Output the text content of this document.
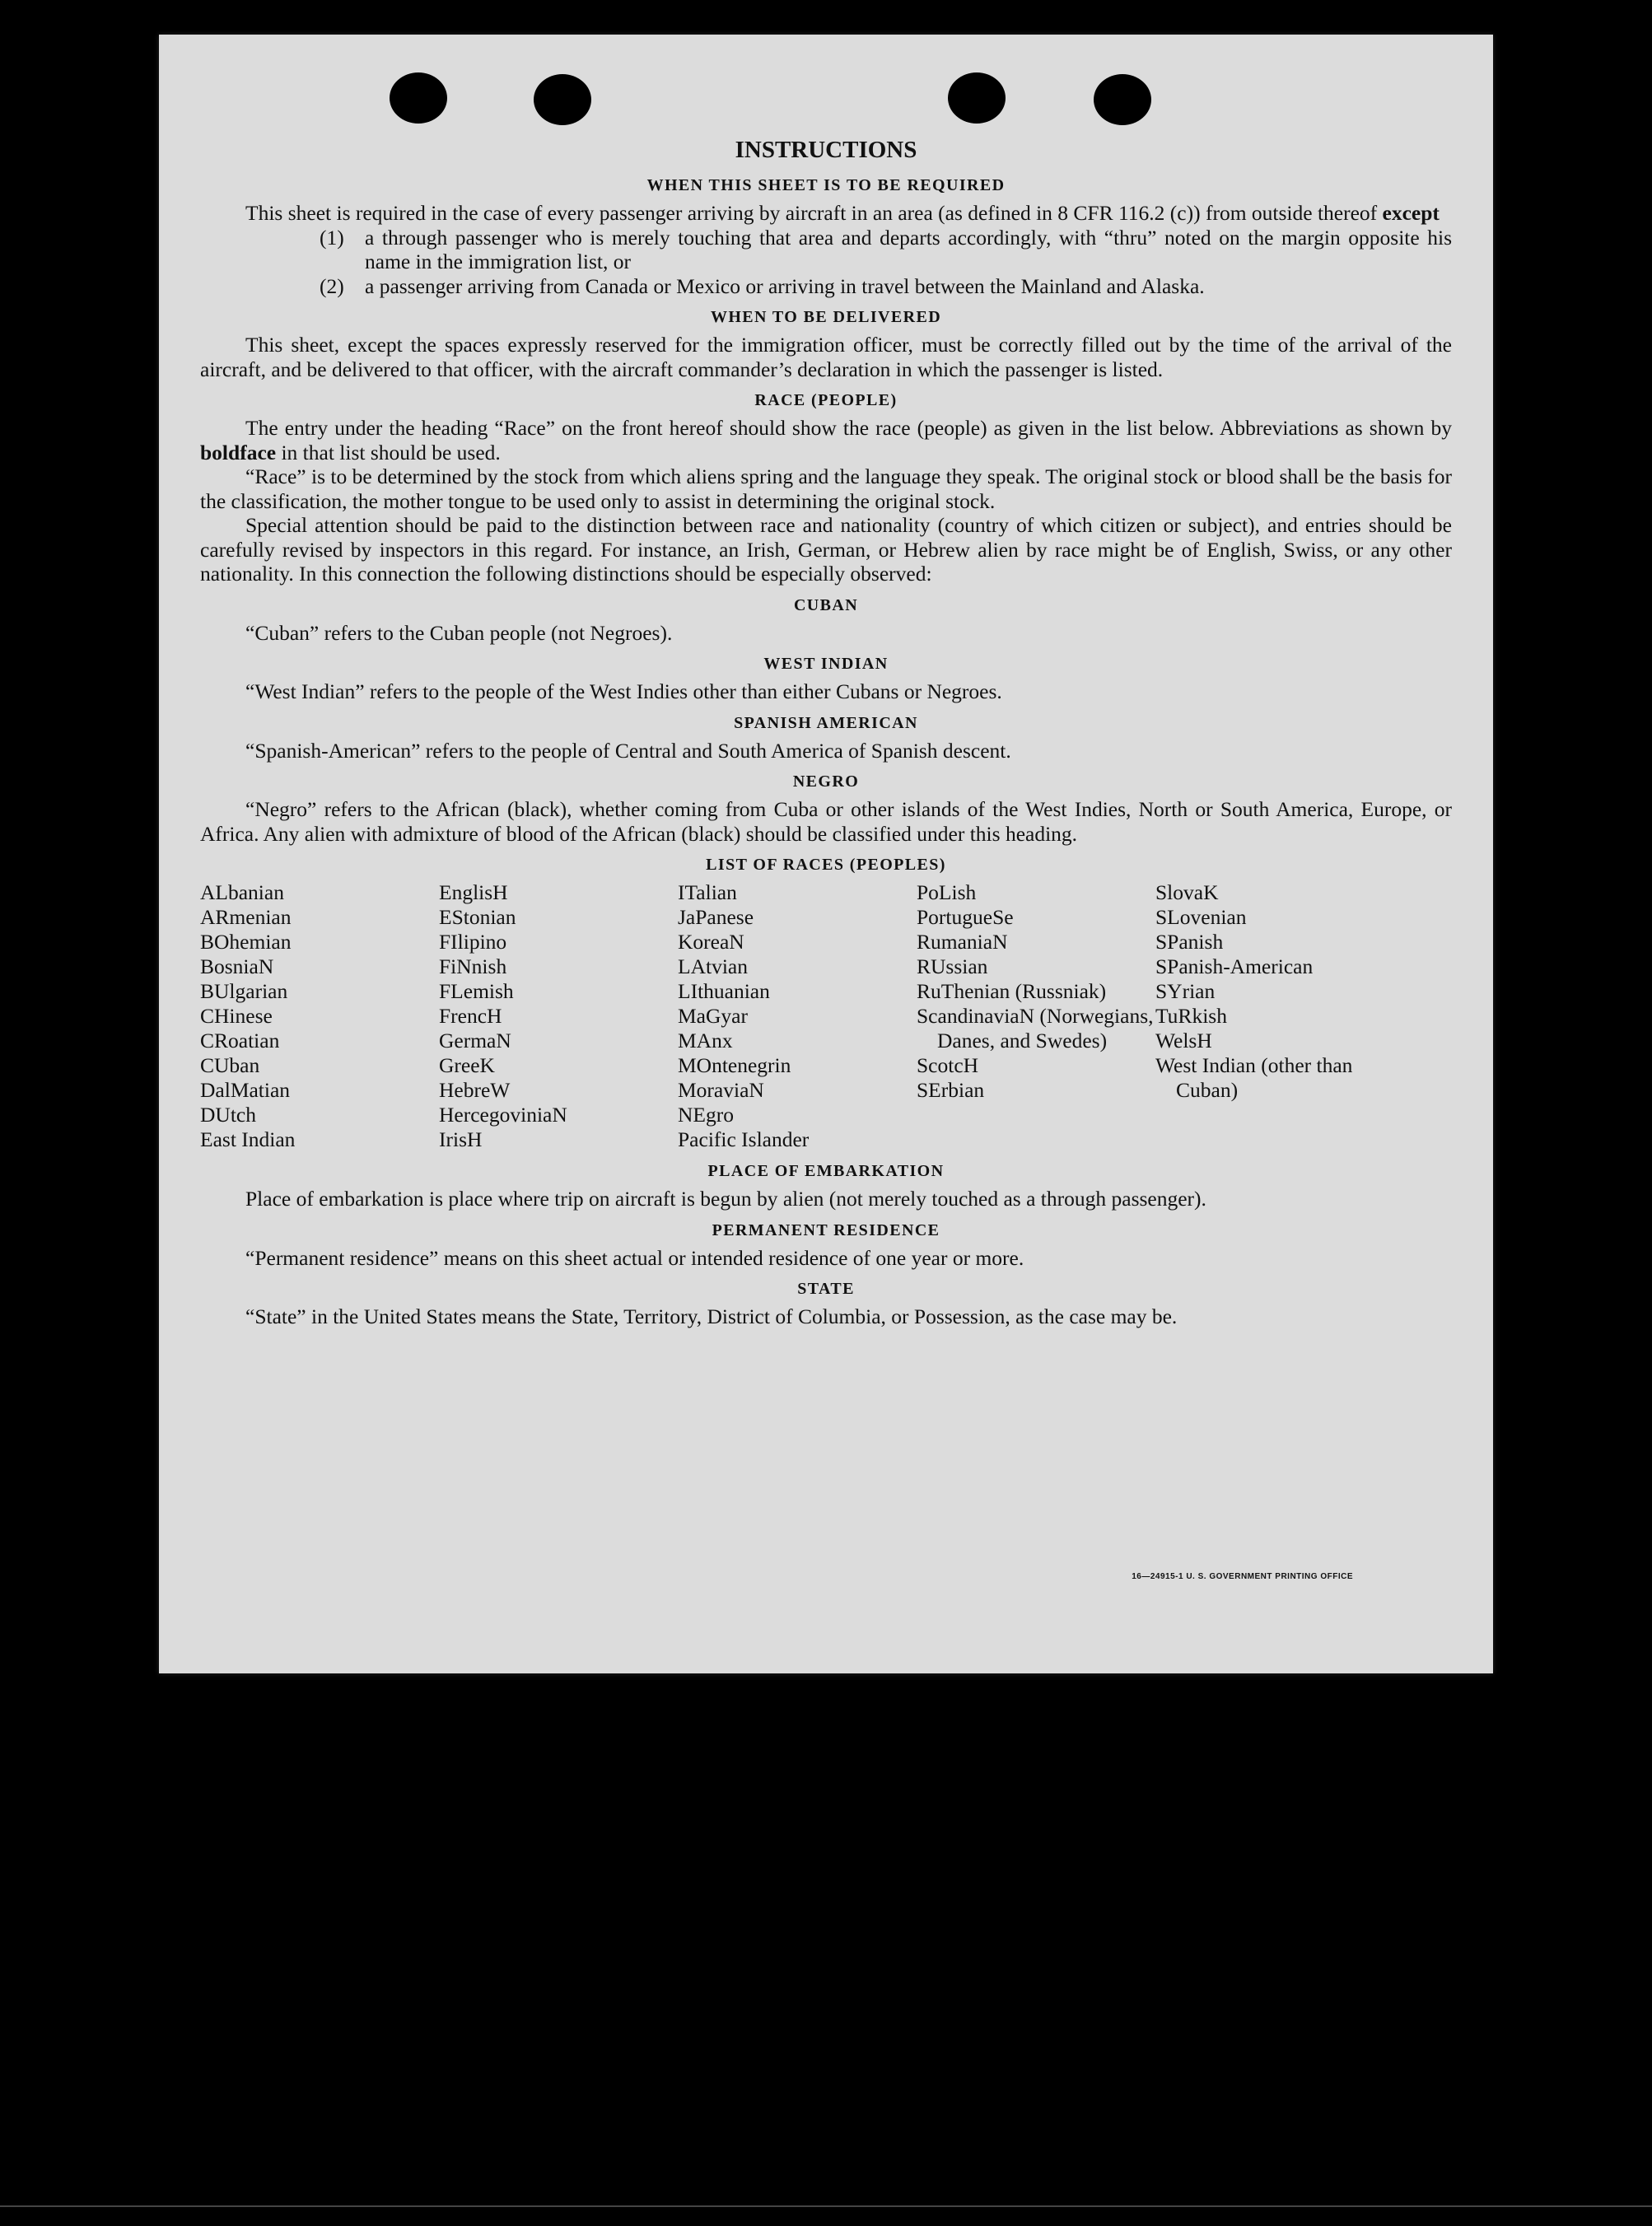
INSTRUCTIONS
WHEN THIS SHEET IS TO BE REQUIRED

This sheet is required in the case of every passenger arriving by aircraft in an area (as defined in 8 CFR 116.2 (c)) from outside thereof except

(1) a through passenger who is merely touching that area and departs accordingly, with “thru” noted on the margin opposite his name in the immigration list, or

(2) a passenger arriving from Canada or Mexico or arriving in travel between the Mainland and Alaska.

WHEN TO BE DELIVERED

This sheet, except the spaces expressly reserved for the immigration officer, must be correctly filled out by the time of the arrival of the aircraft, and be delivered to that officer, with the aircraft commander’s declaration in which the passenger is listed.

RACE (PEOPLE)

The entry under the heading “Race” on the front hereof should show the race (people) as given in the list below. Abbreviations as shown by boldface in that list should be used.

“Race” is to be determined by the stock from which aliens spring and the language they speak. The original stock or blood shall be the basis for the classification, the mother tongue to be used only to assist in determining the original stock.

Special attention should be paid to the distinction between race and nationality (country of which citizen or subject), and entries should be carefully revised by inspectors in this regard. For instance, an Irish, German, or Hebrew alien by race might be of English, Swiss, or any other nationality. In this connection the following distinctions should be especially observed:

CUBAN

“Cuban” refers to the Cuban people (not Negroes).

WEST INDIAN

“West Indian” refers to the people of the West Indies other than either Cubans or Negroes.

SPANISH AMERICAN

“Spanish-American” refers to the people of Central and South America of Spanish descent.

NEGRO

“Negro” refers to the African (black), whether coming from Cuba or other islands of the West Indies, North or South America, Europe, or Africa. Any alien with admixture of blood of the African (black) should be classified under this heading.

LIST OF RACES (PEOPLES)
ALbanian
ARmenian
BOhemian
BosniaN
BUlgarian
CHinese
CRoatian
CUban
DalMatian
DUtch
East Indian
EnglisH
EStonian
FIlipino
FiNnish
FLemish
FrencH
GermaN
GreeK
HebreW
HercegoviniaN
IrisH
ITalian
JaPanese
KoreaN
LAtvian
LIthuanian
MaGyar
MAnx
MOntenegrin
MoraviaN
NEgro
Pacific Islander
PoLish
PortugueSe
RumaniaN
RUssian
RuThenian (Russniak)
ScandinaviaN (Norwegians, Danes, and Swedes)
ScotcH
SErbian
SlovaK
SLovenian
SPanish
SPanish-American
SYrian
TuRkish
WelsH
West Indian (other than Cuban)
PLACE OF EMBARKATION

Place of embarkation is place where trip on aircraft is begun by alien (not merely touched as a through passenger).

PERMANENT RESIDENCE

“Permanent residence” means on this sheet actual or intended residence of one year or more.

STATE

“State” in the United States means the State, Territory, District of Columbia, or Possession, as the case may be.

16—24915-1 U. S. GOVERNMENT PRINTING OFFICE
